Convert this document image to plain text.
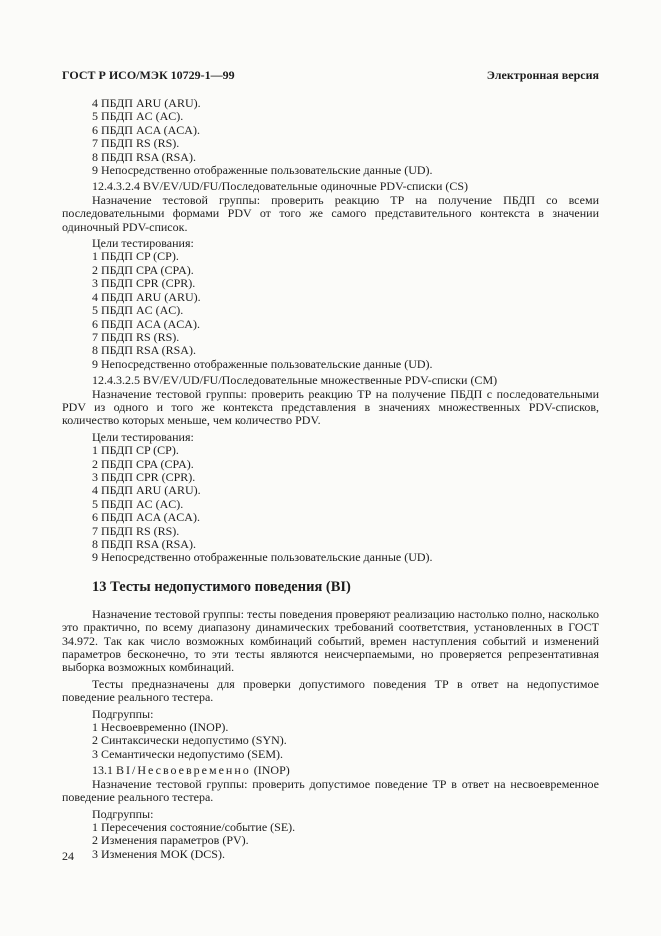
ГОСТ Р ИСО/МЭК 10729-1—99	Электронная версия
4 ПБДП ARU (ARU).
5 ПБДП AC (AC).
6 ПБДП ACA (ACA).
7 ПБДП RS (RS).
8 ПБДП RSA (RSA).
9 Непосредственно отображенные пользовательские данные (UD).
12.4.3.2.4 BV/EV/UD/FU/Последовательные одиночные PDV-списки (CS)
Назначение тестовой группы: проверить реакцию ТР на получение ПБДП со всеми последовательными формами PDV от того же самого представительного контекста в значении одиночный PDV-список.
Цели тестирования:
1 ПБДП CP (CP).
2 ПБДП CPA (CPA).
3 ПБДП CPR (CPR).
4 ПБДП ARU (ARU).
5 ПБДП AC (AC).
6 ПБДП ACA (ACA).
7 ПБДП RS (RS).
8 ПБДП RSA (RSA).
9 Непосредственно отображенные пользовательские данные (UD).
12.4.3.2.5 BV/EV/UD/FU/Последовательные множественные PDV-списки (CM)
Назначение тестовой группы: проверить реакцию ТР на получение ПБДП с последовательными PDV из одного и того же контекста представления в значениях множественных PDV-списков, количество которых меньше, чем количество PDV.
Цели тестирования:
1 ПБДП CP (CP).
2 ПБДП CPA (CPA).
3 ПБДП CPR (CPR).
4 ПБДП ARU (ARU).
5 ПБДП AC (AC).
6 ПБДП ACA (ACA).
7 ПБДП RS (RS).
8 ПБДП RSA (RSA).
9 Непосредственно отображенные пользовательские данные (UD).
13 Тесты недопустимого поведения (BI)
Назначение тестовой группы: тесты поведения проверяют реализацию настолько полно, насколько это практично, по всему диапазону динамических требований соответствия, установленных в ГОСТ 34.972. Так как число возможных комбинаций событий, времен наступления событий и изменений параметров бесконечно, то эти тесты являются неисчерпаемыми, но проверяется репрезентативная выборка возможных комбинаций.
Тесты предназначены для проверки допустимого поведения ТР в ответ на недопустимое поведение реального тестера.
Подгруппы:
1 Несвоевременно (INOP).
2 Синтаксически недопустимо (SYN).
3 Семантически недопустимо (SEM).
13.1 BI/Несвоевременно (INOP)
Назначение тестовой группы: проверить допустимое поведение ТР в ответ на несвоевременное поведение реального тестера.
Подгруппы:
1 Пересечения состояние/событие (SE).
2 Изменения параметров (PV).
3 Изменения МОК (DCS).
24
